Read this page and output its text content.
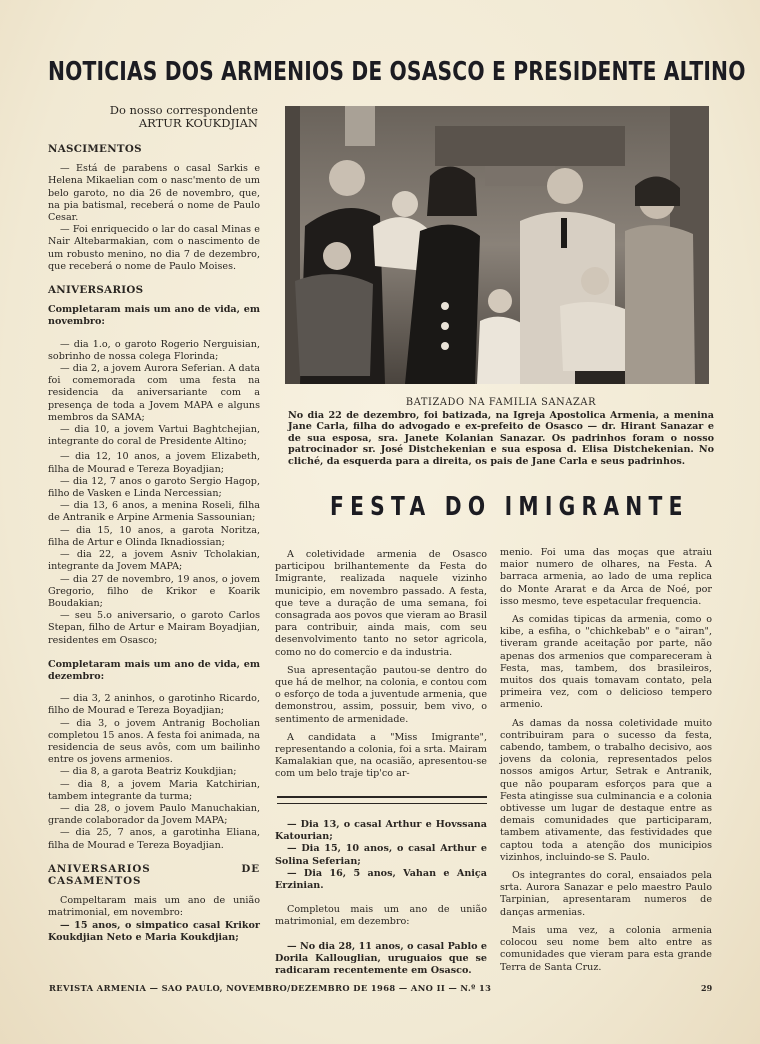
NOTICIAS DOS ARMENIOS DE OSASCO E PRESIDENTE ALTINO
Do nosso correspondente
ARTUR KOUKDJIAN
NASCIMENTOS

— Está de parabens o casal Sarkis e Helena Mikaelian com o nasc'mento de um belo garoto, no dia 26 de novembro, que, na pia batismal, receberá o nome de Paulo Cesar.

— Foi enriquecido o lar do casal Minas e Nair Altebarmakian, com o nascimento de um robusto menino, no dia 7 de dezembro, que receberá o nome de Paulo Moises.

ANIVERSARIOS
Completaram mais um ano de vida, em novembro:

— dia 1.o, o garoto Rogerio Nerguisian, sobrinho de nossa colega Florinda;

— dia 2, a jovem Aurora Seferian. A data foi comemorada com uma festa na residencia da aniversariante com a presença de toda a Jovem MAPA e alguns membros da SAMA;

— dia 10, a jovem Vartui Baghtchejian, integrante do coral de Presidente Altino;

— dia 12, 10 anos, a jovem Elizabeth, filha de Mourad e Tereza Boyadjian;

— dia 12, 7 anos o garoto Sergio Hagop, filho de Vasken e Linda Nercessian;

— dia 13, 6 anos, a menina Roseli, filha de Antranik e Arpine Armenia Sassounian;

— dia 15, 10 anos, a garota Noritza, filha de Artur e Olinda Iknadiossian;

— dia 22, a jovem Asniv Tcholakian, integrante da Jovem MAPA;

— dia 27 de novembro, 19 anos, o jovem Gregorio, filho de Krikor e Koarik Boudakian;

— seu 5.o aniversario, o garoto Carlos Stepan, filho de Artur e Mairam Boyadjian, residentes em Osasco;

Completaram mais um ano de vida, em dezembro:

— dia 3, 2 aninhos, o garotinho Ricardo, filho de Mourad e Tereza Boyadjian;

— dia 3, o jovem Antranig Bocholian completou 15 anos. A festa foi animada, na residencia de seus avôs, com um bailinho entre os jovens armenios.

— dia 8, a garota Beatriz Koukdjian;

— dia 8, a jovem Maria Katchirian, tambem integrante da turma;

— dia 28, o jovem Paulo Manuchakian, grande colaborador da Jovem MAPA;

— dia 25, 7 anos, a garotinha Eliana, filha de Mourad e Tereza Boyadjian.

ANIVERSARIOS DE CASAMENTOS

Compeltaram mais um ano de união matrimonial, em novembro:

— 15 anos, o simpatico casal Krikor Koukdjian Neto e Maria Koukdjian;

BATIZADO NA FAMILIA SANAZAR
No dia 22 de dezembro, foi batizada, na Igreja Apostolica Armenia, a menina Jane Carla, filha do advogado e ex-prefeito de Osasco — dr. Hirant Sanazar e de sua esposa, sra. Janete Kolanian Sanazar. Os padrinhos foram o nosso patrocinador sr. José Distchekenian e sua esposa d. Elisa Distchekenian. No cliché, da esquerda para a direita, os pais de Jane Carla e seus padrinhos.
FESTA DO IMIGRANTE

A coletividade armenia de Osasco participou brilhantemente da Festa do Imigrante, realizada naquele vizinho municipio, em novembro passado. A festa, que teve a duração de uma semana, foi consagrada aos povos que vieram ao Brasil para contribuir, ainda mais, com seu desenvolvimento tanto no setor agricola, como no do comercio e da industria.

Sua apresentação pautou-se dentro do que há de melhor, na colonia, e contou com o esforço de toda a juventude armenia, que demonstrou, assim, possuir, bem vivo, o sentimento de armenidade.

A candidata a "Miss Imigrante", representando a colonia, foi a srta. Mairam Kamalakian que, na ocasião, apresentou-se com um belo traje tip'co ar-

— Dia 13, o casal Arthur e Hovssana Katourian;

— Dia 15, 10 anos, o casal Arthur e Solina Seferian;

— Dia 16, 5 anos, Vahan e Aniça Erzinian.

Completou mais um ano de união matrimonial, em dezembro:

— No dia 28, 11 anos, o casal Pablo e Dorila Kallouglian, uruguaios que se radicaram recentemente em Osasco.

menio. Foi uma das moças que atraiu maior numero de olhares, na Festa. A barraca armenia, ao lado de uma replica do Monte Ararat e da Arca de Noé, por isso mesmo, teve espetacular frequencia.

As comidas tipicas da armenia, como o kibe, a esfiha, o "chichkebab" e o "airan", tiveram grande aceitação por parte, não apenas dos armenios que compareceram à Festa, mas, tambem, dos brasileiros, muitos dos quais tomavam contato, pela primeira vez, com o delicioso tempero armenio.

As damas da nossa coletividade muito contribuiram para o sucesso da festa, cabendo, tambem, o trabalho decisivo, aos jovens da colonia, representados pelos nossos amigos Artur, Setrak e Antranik, que não pouparam esforços para que a Festa atingisse sua culminancia e a colonia obtivesse um lugar de destaque entre as demais comunidades que participaram, tambem ativamente, das festividades que captou toda a atenção dos municipios vizinhos, incluindo-se S. Paulo.

Os integrantes do coral, ensaiados pela srta. Aurora Sanazar e pelo maestro Paulo Tarpinian, apresentaram numeros de danças armenias.

Mais uma vez, a colonia armenia colocou seu nome bem alto entre as comunidades que vieram para esta grande Terra de Santa Cruz.

REVISTA ARMENIA — SAO PAULO, NOVEMBRO/DEZEMBRO DE 1968 — ANO II — N.º 13	29
